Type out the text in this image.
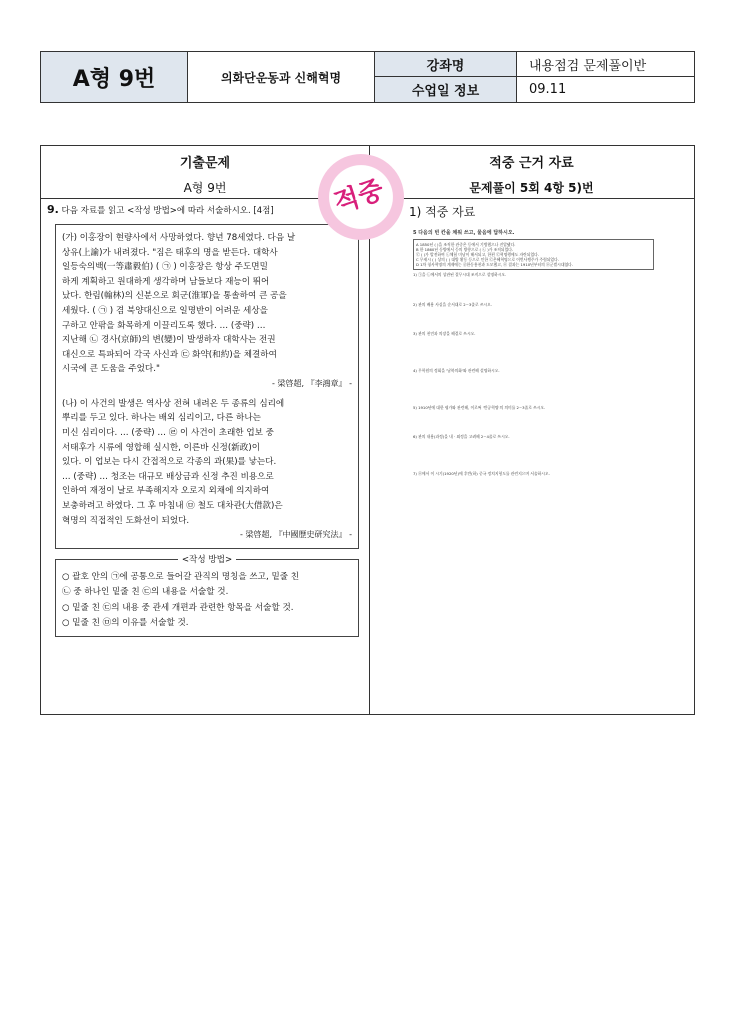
A형 9번	의화단운동과 신해혁명
강좌명	내용점검 문제풀이반
수업일 정보	09.11
기출문제
A형 9번
9. 다음 자료를 읽고 <작성 방법>에 따라 서술하시오. [4점]
(가) 이홍장이 현량사에서 사망하였다. 향년 78세였다. 다음 날
상유(上諭)가 내려졌다. "짐은 태후의 명을 받든다. 대학사
일등숙의백(一等肅毅伯) ( ㉠ ) 이홍장은 항상 주도면밀
하게 계획하고 원대하게 생각하며 남들보다 재능이 뛰어
났다. 한림(翰林)의 신분으로 회군(淮軍)을 통솔하여 큰 공을
세웠다. ( ㉠ ) 겸 북양대신으로 일명반이 어려운 세상을
구하고 안팎을 화목하게 이끌리도록 했다. … (중략) …
지난해 ㉡ 경사(京師)의 변(變)이 발생하자 대학사는 전권
대신으로 특파되어 각국 사신과 ㉢ 화약(和約)을 체결하여
시국에 큰 도움을 주었다."
- 梁啓超, 『李鴻章』 -
(나) 이 사건의 발생은 역사상 전혀 내려온 두 종류의 심리에
뿌리를 두고 있다. 하나는 배외 심리이고, 다른 하나는
미신 심리이다. … (중략) … ㉣ 이 사건이 초래한 업보 중
서태후가 시류에 영합해 실시한, 이른바 신정(新政)이
있다. 이 업보는 다시 간접적으로 각종의 과(果)를 낳는다.
… (중략) … 청조는 대규모 배상금과 신정 추진 비용으로
인하여 재정이 날로 부족해지자 오로지 외채에 의지하여
보충하려고 하였다. 그 후 마침내 ㉤ 철도 대차관(大借款)은
혁명의 직접적인 도화선이 되었다.
- 梁啓超, 『中國歷史研究法』 -
<작성 방법>
○ 괄호 안의 ㉠에 공통으로 들어갈 관직의 명칭을 쓰고, 밑줄 친
㉡ 중 하나인 밑줄 친 ㉢의 내용을 서술할 것.
○ 밑줄 친 ㉢의 내용 중 관세 개편과 관련한 항목을 서술할 것.
○ 밑줄 친 ㉤의 이유를 서술할 것.
적중 근거 자료
문제풀이 5회 4항 5)번
1) 적중 자료
5 다음의 빈 칸을 채워 쓰고, 물음에 답하시오.
A 1850년 ( )을 조직한 관중은 등에서 기병했으나 진압됐다.
B 한 1860년 동방에서 등의 방향으로 ( ㉡ )가 조직되었다.
㉢ ( )가 발전하여 ㉡체험 미남이 해서되고, 한편 ㉢혁명행에도 자란되었다.
C 무제시 ( ) 상의 ( ) 대방 황동 등으로 인한 ㉢은혜혁명으로 이번사쟁주가 주렴되었다.
D 1차 청사혁명의 계제에는 ㉣한동흥천과 도모했고, ㉤ 결과는 1910년부터의 ㉤군벌시대였다.
1) ㉠을 ㉡에서의 상관된 결무시대 조직으로 설명하시오.
2) 관의 배용 사실을 순서대로 2~3줄로 쓰시오.
3) 관의 천민과 의장을 해결로 쓰시오.
4) 무학원의 정회을 '남북의화'와 관련해 설명하시오.
5) 1910년에 대한 평가와 관련해, 이로써 '반공혁명'의 의미를 2~3줄로 쓰시오.
6) 관의 내용(과정)을 내 · 외정을 고려해 2~4줄로 쓰시오.
7) ㉤에서 이 시기(1920년)에 후반(하) 중국 정치지형도를 관련지으며 서술하시오.
적중
